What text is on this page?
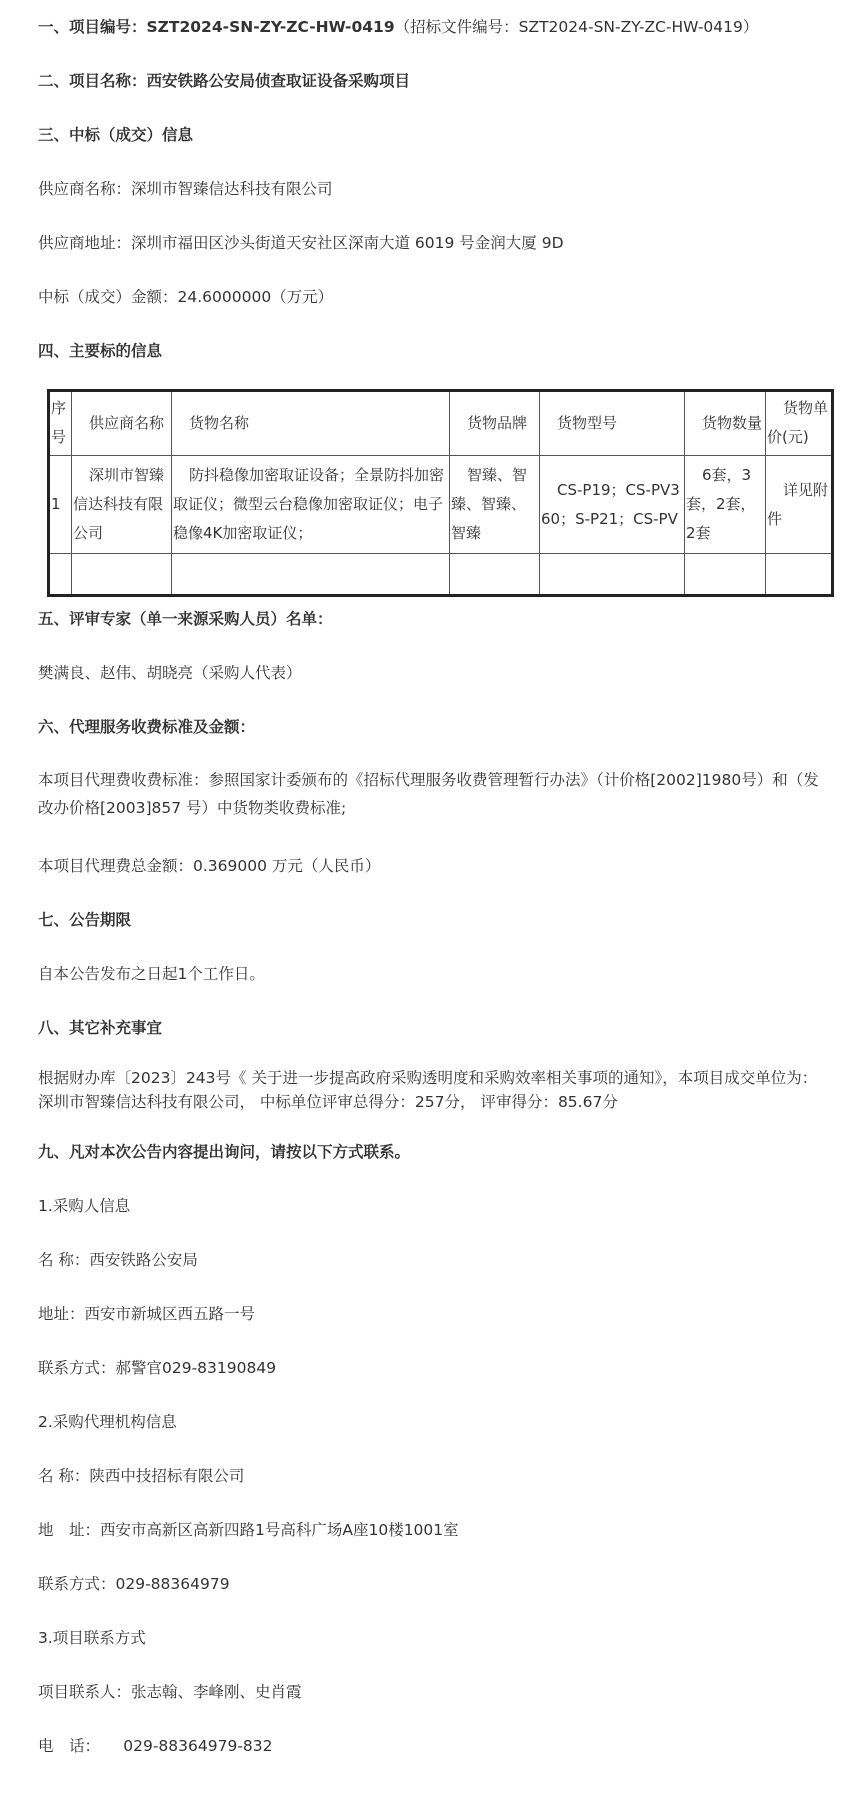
一、项目编号：SZT2024-SN-ZY-ZC-HW-0419（招标文件编号：SZT2024-SN-ZY-ZC-HW-0419）
二、项目名称：西安铁路公安局侦查取证设备采购项目
三、中标（成交）信息
供应商名称：深圳市智臻信达科技有限公司
供应商地址：深圳市福田区沙头街道天安社区深南大道 6019 号金润大厦 9D
中标（成交）金额：24.6000000（万元）
四、主要标的信息
序号	供应商名称	货物名称	货物品牌	货物型号	货物数量	货物单价(元)
1	深圳市智臻信达科技有限公司	防抖稳像加密取证设备；全景防抖加密取证仪；微型云台稳像加密取证仪；电子稳像4K加密取证仪；	智臻、智臻、智臻、智臻	CS-P19；CS-PV360；S-P21；CS-PV	6套，3套，2套，2套	详见附件

五、评审专家（单一来源采购人员）名单：
樊满良、赵伟、胡晓亮（采购人代表）
六、代理服务收费标准及金额：
本项目代理费收费标准：参照国家计委颁布的《招标代理服务收费管理暂行办法》（计价格[2002]1980号）和（发改办价格[2003]857 号）中货物类收费标准;
本项目代理费总金额：0.369000 万元（人民币）
七、公告期限
自本公告发布之日起1个工作日。
八、其它补充事宜
根据财办库〔2023〕243号《 关于进一步提高政府采购透明度和采购效率相关事项的通知》，本项目成交单位为：深圳市智臻信达科技有限公司， 中标单位评审总得分：257分， 评审得分：85.67分
九、凡对本次公告内容提出询问，请按以下方式联系。
1.采购人信息
名 称：西安铁路公安局
地址：西安市新城区西五路一号
联系方式：郝警官029-83190849
2.采购代理机构信息
名 称：陕西中技招标有限公司
地　址：西安市高新区高新四路1号高科广场A座10楼1001室
联系方式：029-88364979
3.项目联系方式
项目联系人：张志翰、李峰刚、史肖霞
电　话：　　029-88364979-832
